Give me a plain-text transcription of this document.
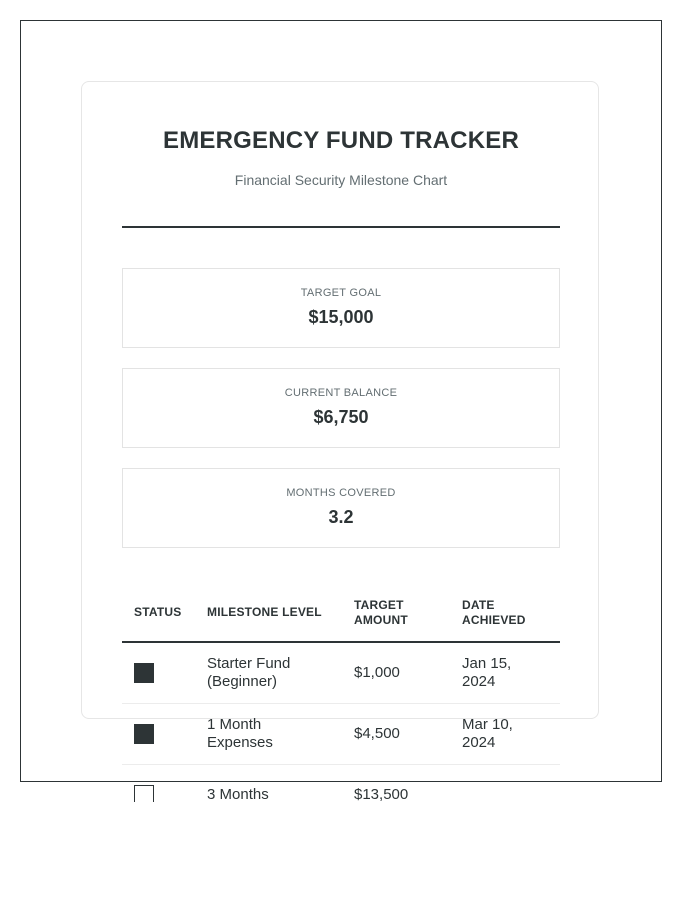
EMERGENCY FUND TRACKER
Financial Security Milestone Chart
TARGET GOAL
$15,000
CURRENT BALANCE
$6,750
MONTHS COVERED
3.2
STATUS	MILESTONE LEVEL	TARGET AMOUNT	DATE ACHIEVED

	Starter Fund (Beginner)	$1,000	Jan 15, 2024

	1 Month Expenses	$4,500	Mar 10, 2024

	3 Months	$13,500	
